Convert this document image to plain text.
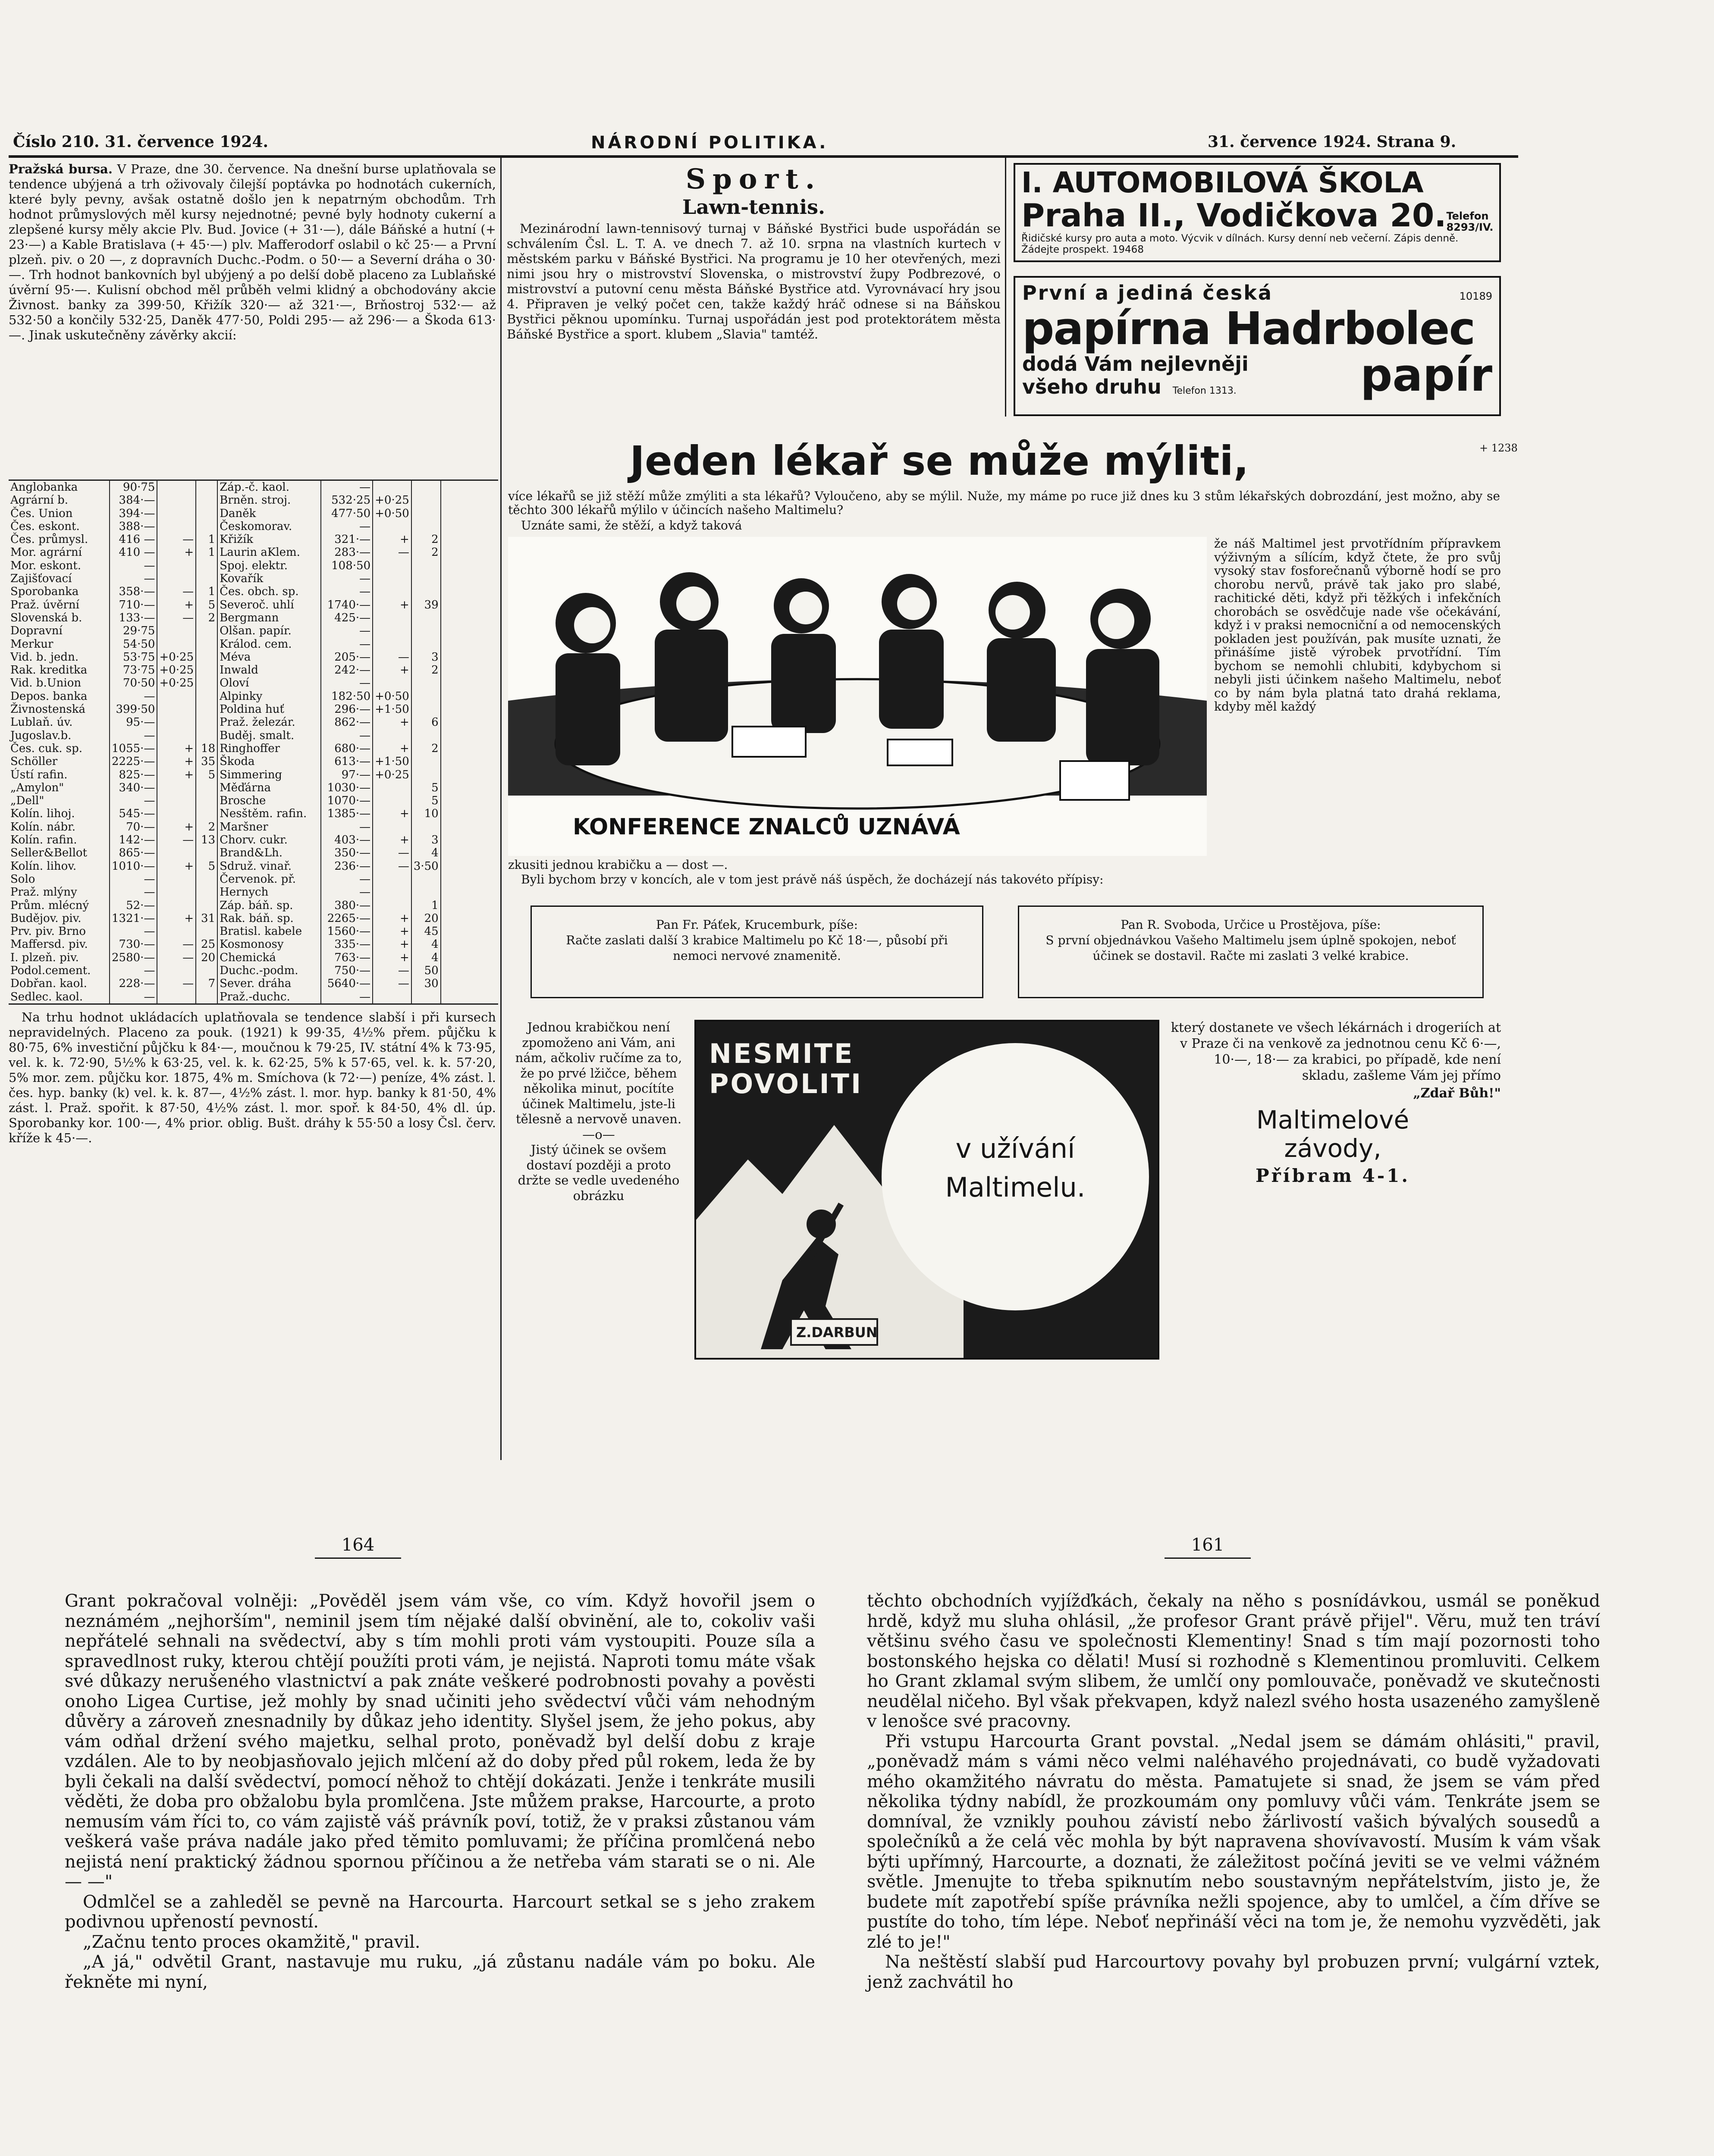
Číslo 210. 31. července 1924.	NÁRODNÍ POLITIKA.	31. července 1924. Strana 9.

Pražská bursa. V Praze, dne 30. července. Na dnešní burse uplatňovala se tendence ubýjená a trh oživovaly čilejší poptávka po hodnotách cukerních, které byly pevny, avšak ostatně došlo jen k nepatrným obchodům. Trh hodnot průmyslových měl kursy nejednotné; pevné byly hodnoty cukerní a zlepšené kursy měly akcie Plv. Bud. Jovice (+ 31·—), dále Báňské a hutní (+ 23·—) a Kable Bratislava (+ 45·—) plv. Mafferodorf oslabil o kč 25·— a První plzeň. piv. o 20 —, z dopravních Duchc.-Podm. o 50·— a Severní dráha o 30·—. Trh hodnot bankovních byl ubýjený a po delší době placeno za Lublaňské úvěrní 95·—. Kulisní obchod měl průběh velmi klidný a obchodovány akcie Živnost. banky za 399·50, Křižík 320·— až 321·—, Brňostroj 532·— až 532·50 a končily 532·25, Daněk 477·50, Poldi 295·— až 296·— a Škoda 613·—. Jinak uskutečněny závěrky akcií:

Anglobanka	90·75		
Agrární b.	384·—		
Čes. Union	394·—		
Čes. eskont.	388·—		
Čes. průmysl.	416 —	—	1
Mor. agrární	410 —	+	1
Mor. eskont.	—		
Zajišťovací	—		
Sporobanka	358·—	—	1
Praž. úvěrní	710·—	+	5
Slovenská b.	133·—	—	2
Dopravní	29·75		
Merkur	54·50		
Vid. b. jedn.	53·75	+0·25	
Rak. kreditka	73·75	+0·25	
Vid. b.Union	70·50	+0·25	
Depos. banka	—		
Živnostenská	399·50		
Lublaň. úv.	95·—		
Jugoslav.b.	—		
Čes. cuk. sp.	1055·—	+	18
Schöller	2225·—	+	35
Ústí rafin.	825·—	+	5
„Amylon"	340·—		
„Dell"	—		
Kolín. lihoj.	545·—		
Kolín. nábr.	70·—	+	2
Kolín. rafin.	142·—	—	13
Seller&Bellot	865·—		
Kolín. lihov.	1010·—	+	5
Solo	—		
Praž. mlýny	—		
Prům. mlécný	52·—		
Budějov. piv.	1321·—	+	31
Prv. piv. Brno	—		
Maffersd. piv.	730·—	—	25
I. plzeň. piv.	2580·—	—	20
Podol.cement.	—		
Dobřan. kaol.	228·—	—	7
Sedlec. kaol.	—		
Záp.-č. kaol.	—		
Brněn. stroj.	532·25	+0·25	
Daněk	477·50	+0·50	
Českomorav.	—		
Křižík	321·—	+	2
Laurin aKlem.	283·—	—	2
Spoj. elektr.	108·50		
Kovařík	—		
Čes. obch. sp.	—		
Severoč. uhlí	1740·—	+	39
Bergmann	425·—		
Olšan. papír.	—		
Králod. cem.	—		
Méva	205·—	—	3
Inwald	242·—	+	2
Oloví	—		
Alpinky	182·50	+0·50	
Poldina huť	296·—	+1·50	
Praž. železár.	862·—	+	6
Buděj. smalt.	—		
Ringhoffer	680·—	+	2
Škoda	613·—	+1·50	
Simmering	97·—	+0·25	
Měďárna	1030·—		5
Brosche	1070·—		5
Nesštěm. rafin.	1385·—	+	10
Maršner	—		
Chorv. cukr.	403·—	+	3
Brand&Lh.	350·—	—	4
Sdruž. vinař.	236·—	—	3·50
Červenok. př.	—		
Hernych	—		
Záp. báň. sp.	380·—		1
Rak. báň. sp.	2265·—	+	20
Bratisl. kabele	1560·—	+	45
Kosmonosy	335·—	+	4
Chemická	763·—	+	4
Duchc.-podm.	750·—	—	50
Sever. dráha	5640·—	—	30
Praž.-duchc.	—		

Na trhu hodnot ukládacích uplatňovala se tendence slabší i při kursech nepravidelných. Placeno za pouk. (1921) k 99·35, 4½% přem. půjčku k 80·75, 6% investiční půjčku k 84·—, moučnou k 79·25, IV. státní 4% k 73·95, vel. k. k. 72·90, 5½% k 63·25, vel. k. k. 62·25, 5% k 57·65, vel. k. k. 57·20, 5% mor. zem. půjčku kor. 1875, 4% m. Smíchova (k 72·—) peníze, 4% zást. l. čes. hyp. banky (k) vel. k. k. 87—, 4½% zást. l. mor. hyp. banky k 81·50, 4% zást. l. Praž. spořit. k 87·50, 4½% zást. l. mor. spoř. k 84·50, 4% dl. úp. Sporobanky kor. 100·—, 4% prior. oblig. Bušt. dráhy k 55·50 a losy Čsl. červ. kříže k 45·—.

Sport.
Lawn-tennis.

Mezinárodní lawn-tennisový turnaj v Báňské Bystřici bude uspořádán se schválením Čsl. L. T. A. ve dnech 7. až 10. srpna na vlastních kurtech v městském parku v Báňské Bystřici. Na programu je 10 her otevřených, mezi nimi jsou hry o mistrovství Slovenska, o mistrovství župy Podbrezové, o mistrovství a putovní cenu města Báňské Bystřice atd. Vyrovnávací hry jsou 4. Připraven je velký počet cen, takže každý hráč odnese si na Báňskou Bystřici pěknou upomínku. Turnaj uspořádán jest pod protektorátem města Báňské Bystřice a sport. klubem „Slavia" tamtéž.

I. AUTOMOBILOVÁ ŠKOLA
Praha II., Vodičkova 20. Telefon 8293/IV.
Řidičské kursy pro auta a moto. Výcvik v dílnách. Kursy denní neb večerní. Zápis denně. Žádejte prospekt. 19468
První a jediná česká	10189
papírna Hadrbolec
dodá Vám nejlevněji
všeho druhu Telefon 1313.	papír
Jeden lékař se může mýliti,	+ 1238

více lékařů se již stěží může zmýliti a sta lékařů? Vyloučeno, aby se mýlil. Nuže, my máme po ruce již dnes ku 3 stům lékařských dobrozdání, jest možno, aby se těchto 300 lékařů mýlilo v účincích našeho Maltimelu?

Uznáte sami, že stěží, a když taková

KONFERENCE ZNALCŮ UZNÁVÁ

že náš Maltimel jest prvotřídním přípravkem výživným a sílícím, když čtete, že pro svůj vysoký stav fosforečnanů výborně hodí se pro chorobu nervů, právě tak jako pro slabé, rachitické děti, když při těžkých i infekčních chorobách se osvědčuje nade vše očekávání, když i v praksi nemocniční a od nemocenských pokladen jest používán, pak musíte uznati, že přinášíme jistě výrobek prvotřídní. Tím bychom se nemohli chlubiti, kdybychom si nebyli jisti účinkem našeho Maltimelu, neboť co by nám byla platná tato drahá reklama, kdyby měl každý

zkusiti jednou krabičku a — dost —.

Byli bychom brzy v koncích, ale v tom jest právě náš úspěch, že docházejí nás takovéto přípisy:

Pan Fr. Páťek, Krucemburk, píše:
Račte zaslati další 3 krabice Maltimelu po Kč 18·—, působí při nemoci nervové znamenitě.
Pan R. Svoboda, Určice u Prostějova, píše:
S první objednávkou Vašeho Maltimelu jsem úplně spokojen, neboť účinek se dostavil. Račte mi zaslati 3 velké krabice.
Jednou krabičkou není zpomoženo ani Vám, ani nám, ačkoliv ručíme za to, že po prvé lžičce, během několika minut, pocítíte účinek Maltimelu, jste-li tělesně a nervově unaven.
—o—
Jistý účinek se ovšem dostaví později a proto držte se vedle uvedeného obrázku
NESMITE POVOLITI
Z.DARBUN
v užívání
Maltimelu.
který dostanete ve všech lékárnách i drogeriích at v Praze či na venkově za jednotnou cenu Kč 6·—, 10·—, 18·— za krabici, po případě, kde není skladu, zašleme Vám jej přímo
„Zdař Bůh!"
Maltimelové
závody,
Příbram 4-1.
164	161

Grant pokračoval volněji: „Pověděl jsem vám vše, co vím. Když hovořil jsem o neznámém „nejhorším", neminil jsem tím nějaké další obvinění, ale to, cokoliv vaši nepřátelé sehnali na svědectví, aby s tím mohli proti vám vystoupiti. Pouze síla a spravedlnost ruky, kterou chtějí použíti proti vám, je nejistá. Naproti tomu máte však své důkazy nerušeného vlastnictví a pak znáte veškeré podrobnosti povahy a pověsti onoho Ligea Curtise, jež mohly by snad učiniti jeho svědectví vůči vám nehodným důvěry a zároveň znesnadnily by důkaz jeho identity. Slyšel jsem, že jeho pokus, aby vám odňal držení svého majetku, selhal proto, poněvadž byl delší dobu z kraje vzdálen. Ale to by neobjasňovalo jejich mlčení až do doby před půl rokem, leda že by byli čekali na další svědectví, pomocí něhož to chtějí dokázati. Jenže i tenkráte musili věděti, že doba pro obžalobu byla promlčena. Jste můžem prakse, Harcourte, a proto nemusím vám říci to, co vám zajistě váš právník poví, totiž, že v praksi zůstanou vám veškerá vaše práva nadále jako před těmito pomluvami; že příčina promlčená nebo nejistá není praktický žádnou spornou příčinou a že netřeba vám starati se o ni. Ale — —"

Odmlčel se a zahleděl se pevně na Harcourta. Harcourt setkal se s jeho zrakem podivnou upřeností pevností.

„Začnu tento proces okamžitě," pravil.

„A já," odvětil Grant, nastavuje mu ruku, „já zůstanu nadále vám po boku. Ale řekněte mi nyní,

těchto obchodních vyjížďkách, čekaly na něho s posnídávkou, usmál se poněkud hrdě, když mu sluha ohlásil, „že profesor Grant právě přijel". Věru, muž ten tráví většinu svého času ve společnosti Klementiny! Snad s tím mají pozornosti toho bostonského hejska co dělati! Musí si rozhodně s Klementinou promluviti. Celkem ho Grant zklamal svým slibem, že umlčí ony pomlouvače, poněvadž ve skutečnosti neudělal ničeho. Byl však překvapen, když nalezl svého hosta usazeného zamyšleně v lenošce své pracovny.

Při vstupu Harcourta Grant povstal. „Nedal jsem se dámám ohlásiti," pravil, „poněvadž mám s vámi něco velmi naléhavého projednávati, co budě vyžadovati mého okamžitého návratu do města. Pamatujete si snad, že jsem se vám před několika týdny nabídl, že prozkoumám ony pomluvy vůči vám. Tenkráte jsem se domníval, že vznikly pouhou závistí nebo žárlivostí vašich bývalých sousedů a společníků a že celá věc mohla by být napravena shovívavostí. Musím k vám však býti upřímný, Harcourte, a doznati, že záležitost počíná jeviti se ve velmi vážném světle. Jmenujte to třeba spiknutím nebo soustavným nepřátelstvím, jisto je, že budete mít zapotřebí spíše právníka nežli spojence, aby to umlčel, a čím dříve se pustíte do toho, tím lépe. Neboť nepřináší věci na tom je, že nemohu vyzvěděti, jak zlé to je!"

Na neštěstí slabší pud Harcourtovy povahy byl probuzen první; vulgární vztek, jenž zachvátil ho
